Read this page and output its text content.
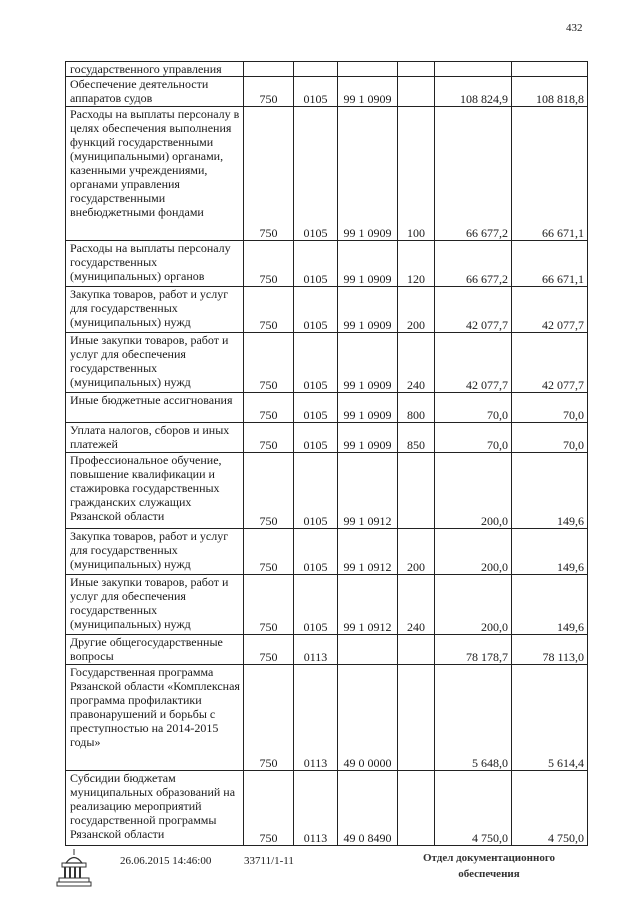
432
государственного управления						
Обеспечение деятельности аппаратов судов	750	0105	99 1 0909		108 824,9	108 818,8
Расходы на выплаты персоналу в целях обеспечения выполнения функций государственными (муниципальными) органами, казенными учреждениями, органами управления государственными внебюджетными фондами	750	0105	99 1 0909	100	66 677,2	66 671,1
Расходы на выплаты персоналу государственных (муниципальных) органов	750	0105	99 1 0909	120	66 677,2	66 671,1
Закупка товаров, работ и услуг для государственных (муниципальных) нужд	750	0105	99 1 0909	200	42 077,7	42 077,7
Иные закупки товаров, работ и услуг для обеспечения государственных (муниципальных) нужд	750	0105	99 1 0909	240	42 077,7	42 077,7
Иные бюджетные ассигнования	750	0105	99 1 0909	800	70,0	70,0
Уплата налогов, сборов и иных платежей	750	0105	99 1 0909	850	70,0	70,0
Профессиональное обучение, повышение квалификации и стажировка государственных гражданских служащих Рязанской области	750	0105	99 1 0912		200,0	149,6
Закупка товаров, работ и услуг для государственных (муниципальных) нужд	750	0105	99 1 0912	200	200,0	149,6
Иные закупки товаров, работ и услуг для обеспечения государственных (муниципальных) нужд	750	0105	99 1 0912	240	200,0	149,6
Другие общегосударственные вопросы	750	0113			78 178,7	78 113,0
Государственная программа Рязанской области «Комплексная программа профилактики правонарушений и борьбы с преступностью на 2014-2015 годы»	750	0113	49 0 0000		5 648,0	5 614,4
Субсидии бюджетам муниципальных образований на реализацию мероприятий государственной программы Рязанской области	750	0113	49 0 8490		4 750,0	4 750,0
26.06.2015 14:46:00	33711/1-11	Отдел документационного
обеспечения
